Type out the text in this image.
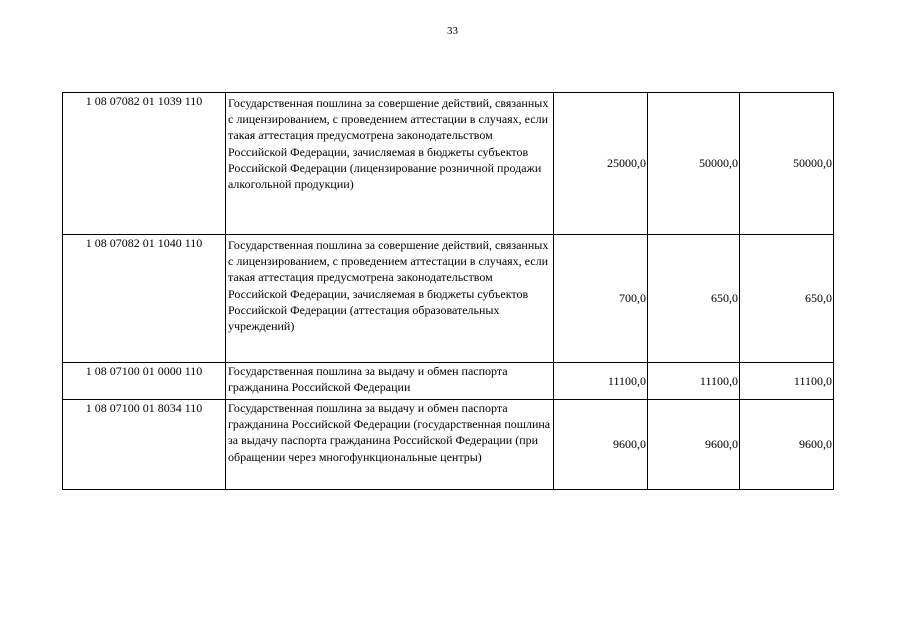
33
1 08 07082 01 1039 110	Государственная пошлина за совершение действий, связанных с лицензированием, с проведением аттестации в случаях, если такая аттестация предусмотрена законодательством Российской Федерации, зачисляемая в бюджеты субъектов Российской Федерации (лицензирование розничной продажи алкогольной продукции)	25000,0	50000,0	50000,0
1 08 07082 01 1040 110	Государственная пошлина за совершение действий, связанных с лицензированием, с проведением аттестации в случаях, если такая аттестация предусмотрена законодательством Российской Федерации, зачисляемая в бюджеты субъектов Российской Федерации (аттестация образовательных учреждений)	700,0	650,0	650,0
1 08 07100 01 0000 110	Государственная пошлина за выдачу и обмен паспорта гражданина Российской Федерации	11100,0	11100,0	11100,0
1 08 07100 01 8034 110	Государственная пошлина за выдачу и обмен паспорта гражданина Российской Федерации (государственная пошлина за выдачу паспорта гражданина Российской Федерации (при обращении через многофункциональные центры)	9600,0	9600,0	9600,0
